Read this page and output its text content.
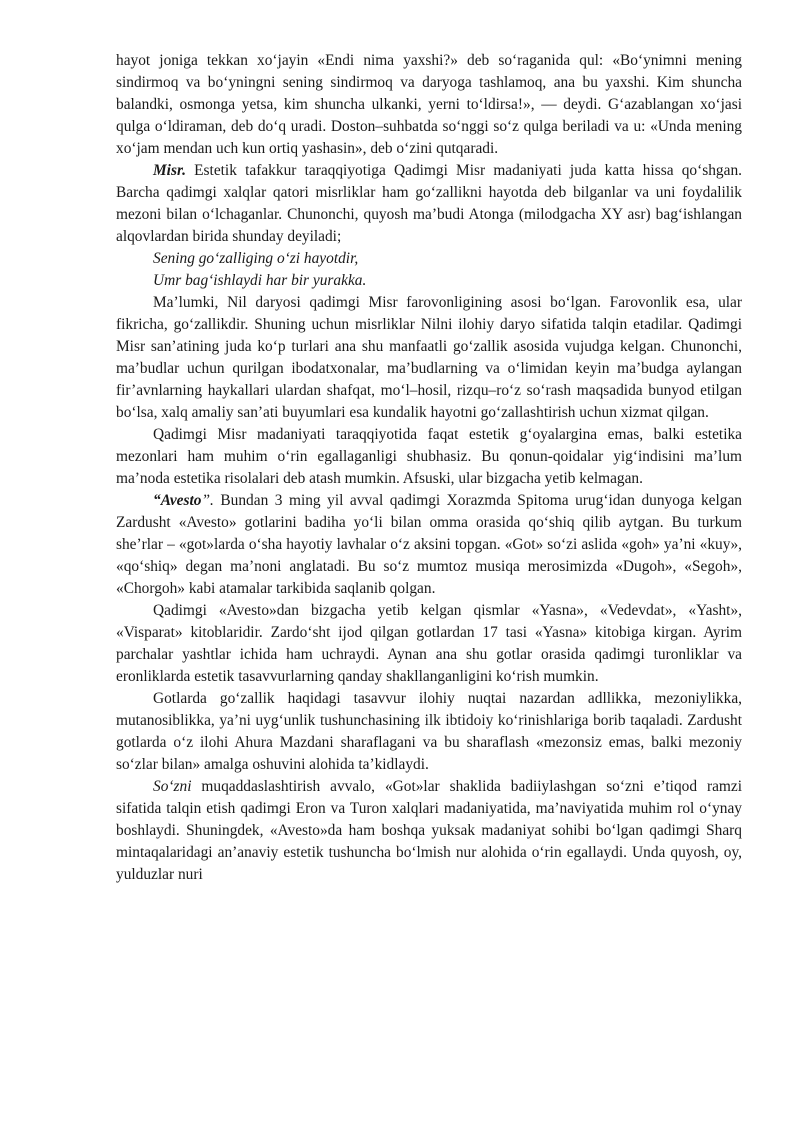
hayot joniga tekkan xo‘jayin «Endi nima yaxshi?» deb so‘raganida qul: «Bo‘ynimni mening sindirmoq va bo‘yningni sening sindirmoq va daryoga tashlamoq, ana bu yaxshi. Kim shuncha balandki, osmonga yetsa, kim shuncha ulkanki, yerni to‘ldirsa!», — deydi. G‘azablangan xo‘jasi qulga o‘ldiraman, deb do‘q uradi. Doston–suhbatda so‘nggi so‘z qulga beriladi va u: «Unda mening xo‘jam mendan uch kun ortiq yashasin», deb o‘zini qutqaradi.

Misr. Estetik tafakkur taraqqiyotiga Qadimgi Misr madaniyati juda katta hissa qo‘shgan. Barcha qadimgi xalqlar qatori misrliklar ham go‘zallikni hayotda deb bilganlar va uni foydalilik mezoni bilan o‘lchaganlar. Chunonchi, quyosh ma’budi Atonga (milodgacha XY asr) bag‘ishlangan alqovlardan birida shunday deyiladi;

Sening go‘zalliging o‘zi hayotdir,

Umr bag‘ishlaydi har bir yurakka.

Ma’lumki, Nil daryosi qadimgi Misr farovonligining asosi bo‘lgan. Farovonlik esa, ular fikricha, go‘zallikdir. Shuning uchun misrliklar Nilni ilohiy daryo sifatida talqin etadilar. Qadimgi Misr san’atining juda ko‘p turlari ana shu manfaatli go‘zallik asosida vujudga kelgan. Chunonchi, ma’budlar uchun qurilgan ibodatxonalar, ma’budlarning va o‘limidan keyin ma’budga aylangan fir’avnlarning haykallari ulardan shafqat, mo‘l–hosil, rizqu–ro‘z so‘rash maqsadida bunyod etilgan bo‘lsa, xalq amaliy san’ati buyumlari esa kundalik hayotni go‘zallashtirish uchun xizmat qilgan.

Qadimgi Misr madaniyati taraqqiyotida faqat estetik g‘oyalargina emas, balki estetika mezonlari ham muhim o‘rin egallaganligi shubhasiz. Bu qonun-qoidalar yig‘indisini ma’lum ma’noda estetika risolalari deb atash mumkin. Afsuski, ular bizgacha yetib kelmagan.

“Avesto”. Bundan 3 ming yil avval qadimgi Xorazmda Spitoma urug‘idan dunyoga kelgan Zardusht «Avesto» gotlarini badiha yo‘li bilan omma orasida qo‘shiq qilib aytgan. Bu turkum she’rlar – «got»larda o‘sha hayotiy lavhalar o‘z aksini topgan. «Got» so‘zi aslida «goh» ya’ni «kuy», «qo‘shiq» degan ma’noni anglatadi. Bu so‘z mumtoz musiqa merosimizda «Dugoh», «Segoh», «Chorgoh» kabi atamalar tarkibida saqlanib qolgan.

Qadimgi «Avesto»dan bizgacha yetib kelgan qismlar «Yasna», «Vedevdat», «Yasht», «Visparat» kitoblaridir. Zardo‘sht ijod qilgan gotlardan 17 tasi «Yasna» kitobiga kirgan. Ayrim parchalar yashtlar ichida ham uchraydi. Aynan ana shu gotlar orasida qadimgi turonliklar va eronliklarda estetik tasavvurlarning qanday shakllanganligini ko‘rish mumkin.

Gotlarda go‘zallik haqidagi tasavvur ilohiy nuqtai nazardan adllikka, mezoniylikka, mutanosiblikka, ya’ni uyg‘unlik tushunchasining ilk ibtidoiy ko‘rinishlariga borib taqaladi. Zardusht gotlarda o‘z ilohi Ahura Mazdani sharaflagani va bu sharaflash «mezonsiz emas, balki mezoniy so‘zlar bilan» amalga oshuvini alohida ta’kidlaydi.

So‘zni muqaddaslashtirish avvalo, «Got»lar shaklida badiiylashgan so‘zni e’tiqod ramzi sifatida talqin etish qadimgi Eron va Turon xalqlari madaniyatida, ma’naviyatida muhim rol o‘ynay boshlaydi. Shuningdek, «Avesto»da ham boshqa yuksak madaniyat sohibi bo‘lgan qadimgi Sharq mintaqalaridagi an’anaviy estetik tushuncha bo‘lmish nur alohida o‘rin egallaydi. Unda quyosh, oy, yulduzlar nuri
